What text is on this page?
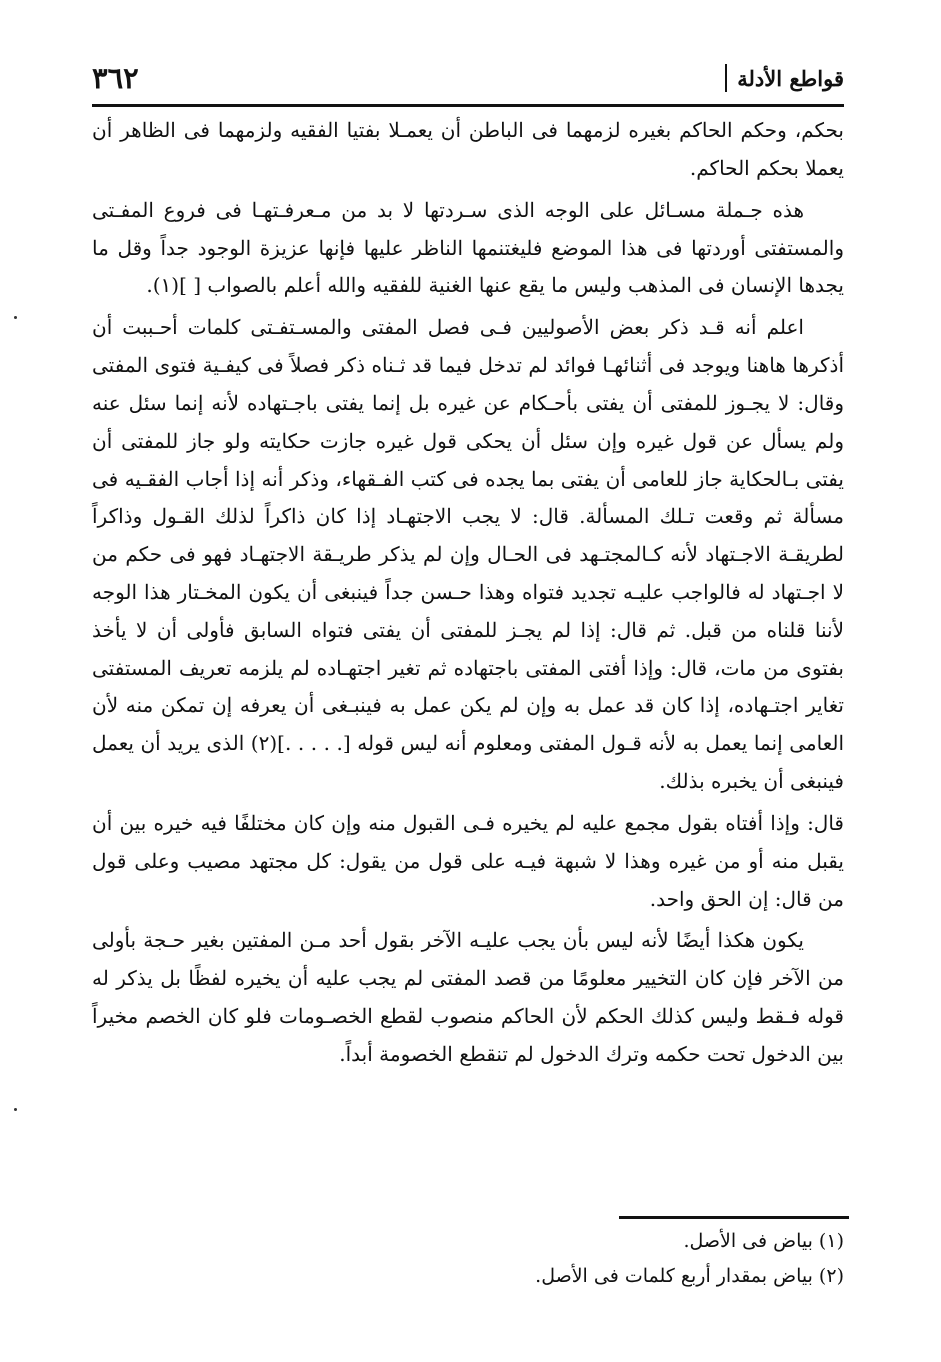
قواطع الأدلة
٣٦٢

بحكم، وحكم الحاكم بغيره لزمهما فى الباطن أن يعمـلا بفتيا الفقيه ولزمهما فى الظاهر أن يعملا بحكم الحاكم.

هذه جـملة مسـائل على الوجه الذى سـردتها لا بد من مـعرفـتهـا فى فروع المفـتى والمستفتى أوردتها فى هذا الموضع فليغتنمها الناظر عليها فإنها عزيزة الوجود جداً وقل ما يجدها الإنسان فى المذهب وليس ما يقع عنها الغنية للفقيه والله أعلم بالصواب [ ](١).

اعلم أنه قـد ذكر بعض الأصوليين فـى فصل المفتى والمسـتفـتى كلمات أحـببت أن أذكرها هاهنا ويوجد فى أثنائهـا فوائد لم تدخل فيما قد ثـناه ذكر فصلاً فى كيفـية فتوى المفتى وقال: لا يجـوز للمفتى أن يفتى بأحـكام عن غيره بل إنما يفتى باجـتهاده لأنه إنما سئل عنه ولم يسأل عن قول غيره وإن سئل أن يحكى قول غيره جازت حكايته ولو جاز للمفتى أن يفتى بـالحكاية جاز للعامى أن يفتى بما يجده فى كتب الفـقهاء، وذكر أنه إذا أجاب الفقـيه فى مسألة ثم وقعت تـلك المسألة. قال: لا يجب الاجتهـاد إذا كان ذاكراً لذلك القـول وذاكراً لطريقـة الاجـتهاد لأنه كـالمجتـهد فى الحـال وإن لم يذكر طريـقة الاجتهـاد فهو فى حكم من لا اجـتهاد له فالواجب عليـه تجديد فتواه وهذا حـسن جداً فينبغى أن يكون المخـتار هذا الوجه لأننا قلناه من قبل. ثم قال: إذا لم يجـز للمفتى أن يفتى فتواه السابق فأولى أن لا يأخذ بفتوى من مات، قال: وإذا أفتى المفتى باجتهاده ثم تغير اجتهـاده لم يلزمه تعريف المستفتى تغاير اجتـهاده، إذا كان قد عمل به وإن لم يكن عمل به فينبـغى أن يعرفه إن تمكن منه لأن العامى إنما يعمل به لأنه قـول المفتى ومعلوم أنه ليس قوله [. . . . .](٢) الذى يريد أن يعمل فينبغى أن يخبره بذلك.

قال: وإذا أفتاه بقول مجمع عليه لم يخيره فـى القبول منه وإن كان مختلفًا فيه خيره بين أن يقبل منه أو من غيره وهذا لا شبهة فيـه على قول من يقول: كل مجتهد مصيب وعلى قول من قال: إن الحق واحد.

يكون هكذا أيضًا لأنه ليس بأن يجب عليـه الآخر بقول أحد مـن المفتين بغير حـجة بأولى من الآخر فإن كان التخيير معلومًا من قصد المفتى لم يجب عليه أن يخيره لفظًا بل يذكر له قوله فـقط وليس كذلك الحكم لأن الحاكم منصوب لقطع الخصـومات فلو كان الخصم مخيراً بين الدخول تحت حكمه وترك الدخول لم تنقطع الخصومة أبداً.

(١) بياض فى الأصل.
(٢) بياض بمقدار أربع كلمات فى الأصل.
